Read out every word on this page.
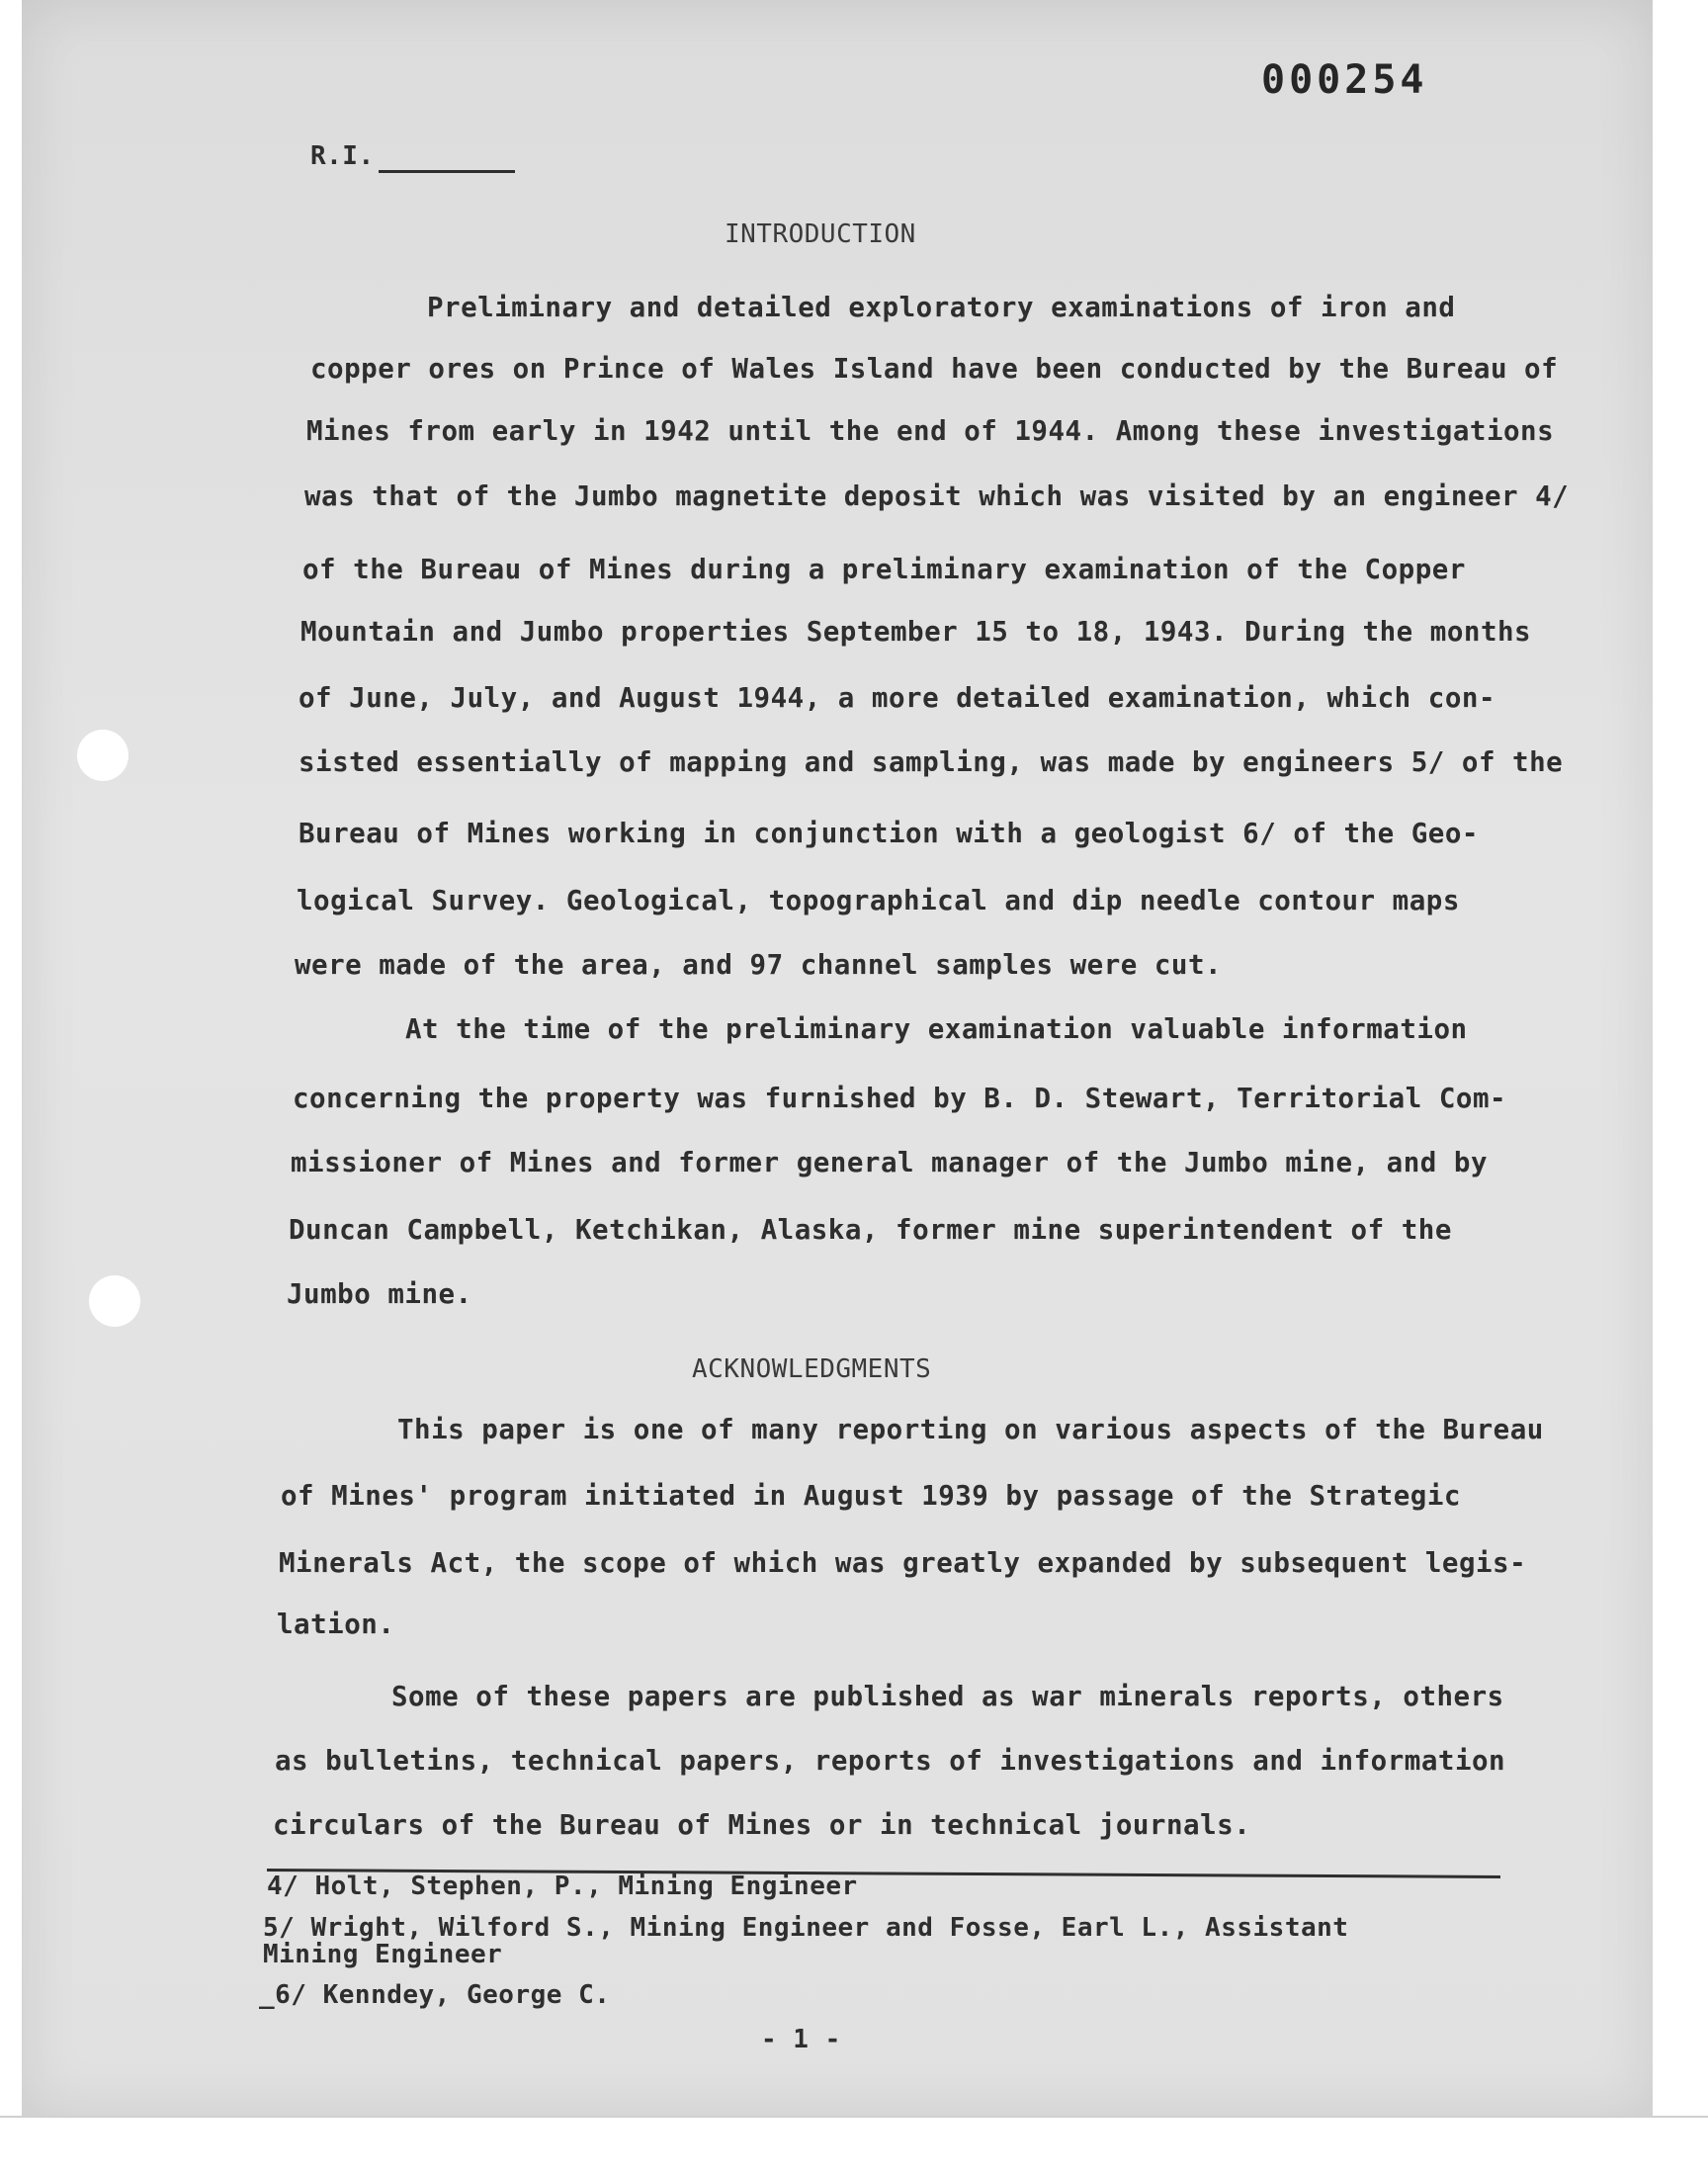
000254
R.I.
INTRODUCTION
Preliminary and detailed exploratory examinations of iron and
copper ores on Prince of Wales Island have been conducted by the Bureau of
Mines from early in 1942 until the end of 1944. Among these investigations
was that of the Jumbo magnetite deposit which was visited by an engineer 4/
of the Bureau of Mines during a preliminary examination of the Copper
Mountain and Jumbo properties September 15 to 18, 1943. During the months
of June, July, and August 1944, a more detailed examination, which con-
sisted essentially of mapping and sampling, was made by engineers 5/ of the
Bureau of Mines working in conjunction with a geologist 6/ of the Geo-
logical Survey. Geological, topographical and dip needle contour maps
were made of the area, and 97 channel samples were cut.
At the time of the preliminary examination valuable information
concerning the property was furnished by B. D. Stewart, Territorial Com-
missioner of Mines and former general manager of the Jumbo mine, and by
Duncan Campbell, Ketchikan, Alaska, former mine superintendent of the
Jumbo mine.
ACKNOWLEDGMENTS
This paper is one of many reporting on various aspects of the Bureau
of Mines' program initiated in August 1939 by passage of the Strategic
Minerals Act, the scope of which was greatly expanded by subsequent legis-
lation.
Some of these papers are published as war minerals reports, others
as bulletins, technical papers, reports of investigations and information
circulars of the Bureau of Mines or in technical journals.
4/ Holt, Stephen, P., Mining Engineer
5/ Wright, Wilford S., Mining Engineer and Fosse, Earl L., Assistant
Mining Engineer
_6/ Kenndey, George C.
- 1 -
